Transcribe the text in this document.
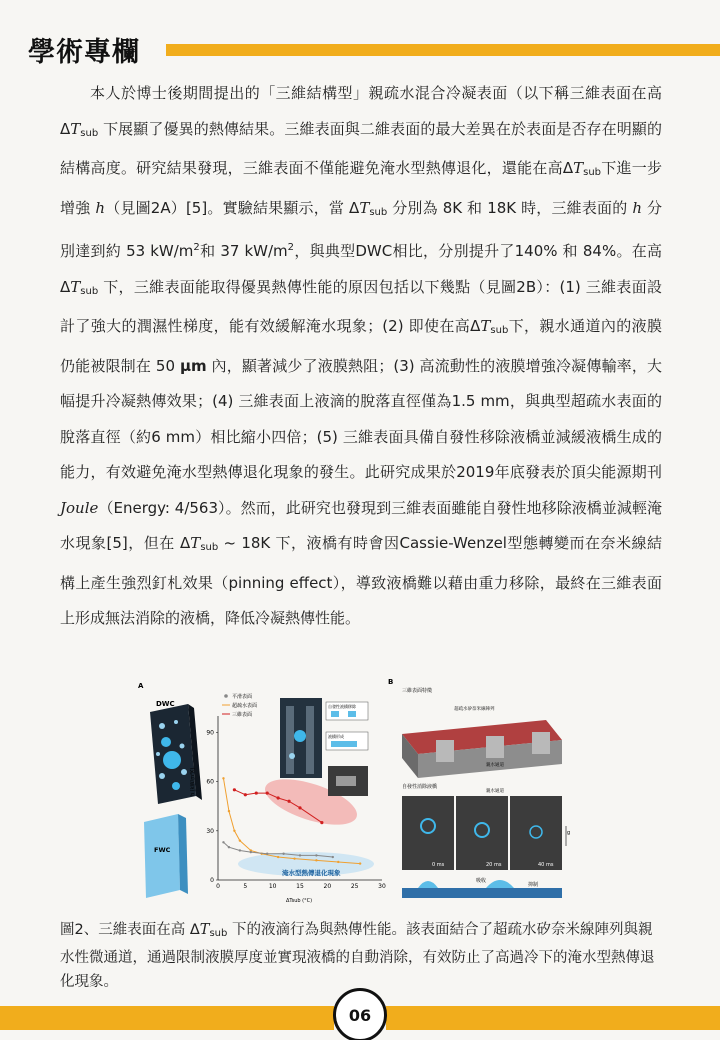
學術專欄
本人於博士後期間提出的「三維結構型」親疏水混合冷凝表面（以下稱三維表面在高 $\Delta T_{sub}$ 下展顯了優異的熱傳結果。三維表面與二維表面的最大差異在於表面是否存在明顯的結構高度。研究結果發現，三維表面不僅能避免淹水型熱傳退化，還能在高$\Delta T_{sub}$下進一步增強 h（見圖2A）[5]。實驗結果顯示，當 $\Delta T_{sub}$ 分別為 8K 和 18K 時，三維表面的 h 分別達到約 53 $kW/m^2$和 37 $kW/m^2$，與典型DWC相比，分別提升了140% 和 84%。在高 $\Delta T_{sub}$ 下，三維表面能取得優異熱傳性能的原因包括以下幾點（見圖2B）：(1) 三維表面設計了強大的潤濕性梯度，能有效緩解淹水現象；(2) 即使在高$\Delta T_{sub}$下，親水通道內的液膜仍能被限制在 50 μm 內，顯著減少了液膜熱阻；(3) 高流動性的液膜增強冷凝傳輸率，大幅提升冷凝熱傳效果；(4) 三維表面上液滴的脫落直徑僅為1.5 mm，與典型超疏水表面的脫落直徑（約6 mm）相比縮小四倍；(5) 三維表面具備自發性移除液橋並減緩液橋生成的能力，有效避免淹水型熱傳退化現象的發生。此研究成果於2019年底發表於頂尖能源期刊 Joule（Energy: 4/563）。然而，此研究也發現到三維表面雖能自發性地移除液橋並減輕淹水現象[5]，但在 $\Delta T_{sub}$ ~ 18K 下，液橋有時會因Cassie-Wenzel型態轉變而在奈米線結構上產生強烈釘札效果（pinning effect），導致液橋難以藉由重力移除，最終在三維表面上形成無法消除的液橋，降低冷凝熱傳性能。
A
DWC
FWC
0
30
60
90
0	5	10	15	20	25	30
h (kW/m²K)
ΔTsub (°C)
平滑表面
超疏水表面
三維表面
淹水型熱傳退化現象
自發性液橋移除
液橋形成
B
三維表面特徵
超疏水矽奈米線陣列
親水通道
自發性消除液橋
親水通道
0 ms	20 ms	40 ms
g
吸收
抑制
圖2、三維表面在高 $\Delta T_{sub}$ 下的液滴行為與熱傳性能。該表面結合了超疏水矽奈米線陣列與親水性微通道，通過限制液膜厚度並實現液橋的自動消除，有效防止了高過冷下的淹水型熱傳退化現象。
06
